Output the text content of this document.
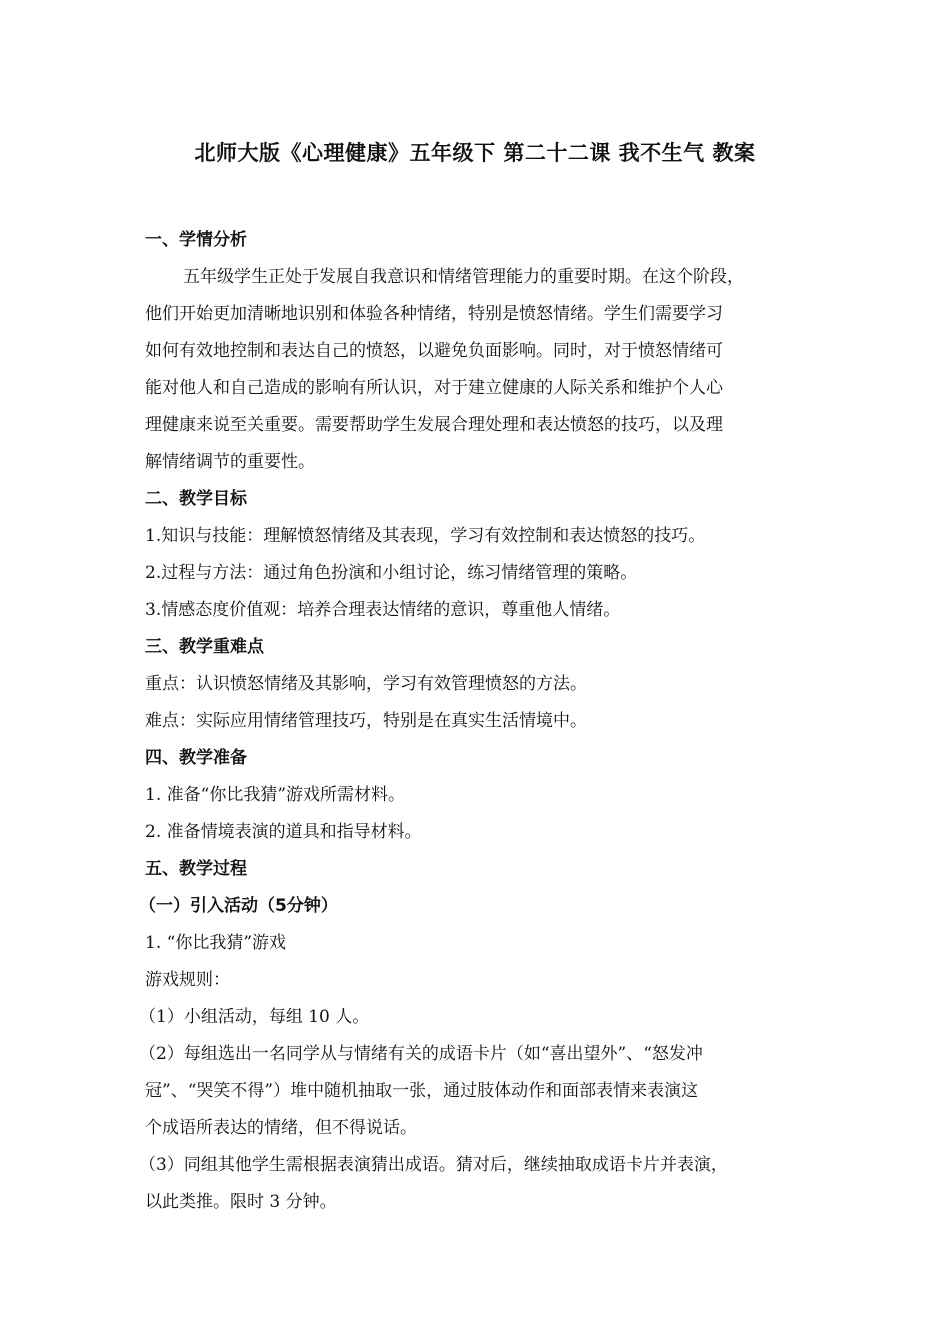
北师大版《心理健康》五年级下 第二十二课 我不生气 教案
一、学情分析
五年级学生正处于发展自我意识和情绪管理能力的重要时期。在这个阶段，
他们开始更加清晰地识别和体验各种情绪，特别是愤怒情绪。学生们需要学习
如何有效地控制和表达自己的愤怒，以避免负面影响。同时，对于愤怒情绪可
能对他人和自己造成的影响有所认识，对于建立健康的人际关系和维护个人心
理健康来说至关重要。需要帮助学生发展合理处理和表达愤怒的技巧，以及理
解情绪调节的重要性。
二、教学目标
1.知识与技能：理解愤怒情绪及其表现，学习有效控制和表达愤怒的技巧。
2.过程与方法：通过角色扮演和小组讨论，练习情绪管理的策略。
3.情感态度价值观：培养合理表达情绪的意识，尊重他人情绪。
三、教学重难点
重点：认识愤怒情绪及其影响，学习有效管理愤怒的方法。
难点：实际应用情绪管理技巧，特别是在真实生活情境中。
四、教学准备
1. 准备“你比我猜”游戏所需材料。
2. 准备情境表演的道具和指导材料。
五、教学过程
（一）引入活动（5分钟）
1. “你比我猜”游戏
游戏规则：
（1）小组活动，每组 10 人。
（2）每组选出一名同学从与情绪有关的成语卡片（如“喜出望外”、“怒发冲
冠”、“哭笑不得”）堆中随机抽取一张，通过肢体动作和面部表情来表演这
个成语所表达的情绪，但不得说话。
（3）同组其他学生需根据表演猜出成语。猜对后，继续抽取成语卡片并表演，
以此类推。限时 3 分钟。
